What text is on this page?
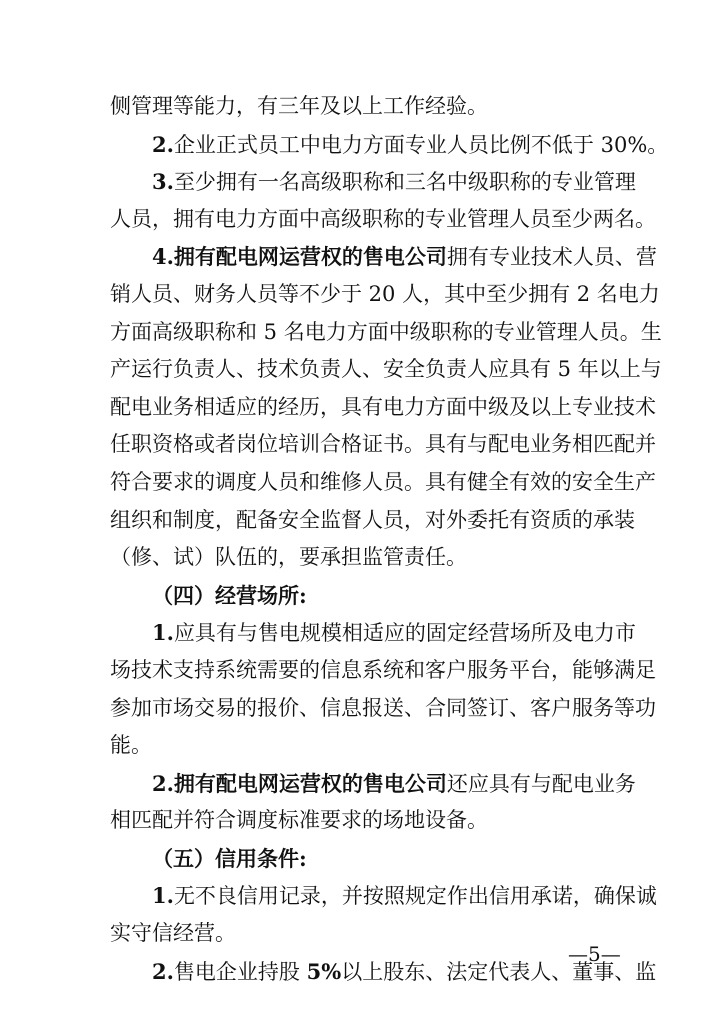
侧管理等能力，有三年及以上工作经验。
2.企业正式员工中电力方面专业人员比例不低于 30%。
3.至少拥有一名高级职称和三名中级职称的专业管理
人员，拥有电力方面中高级职称的专业管理人员至少两名。
4.拥有配电网运营权的售电公司拥有专业技术人员、营
销人员、财务人员等不少于 20 人，其中至少拥有 2 名电力
方面高级职称和 5 名电力方面中级职称的专业管理人员。生
产运行负责人、技术负责人、安全负责人应具有 5 年以上与
配电业务相适应的经历，具有电力方面中级及以上专业技术
任职资格或者岗位培训合格证书。具有与配电业务相匹配并
符合要求的调度人员和维修人员。具有健全有效的安全生产
组织和制度，配备安全监督人员，对外委托有资质的承装
（修、试）队伍的，要承担监管责任。
（四）经营场所:
1.应具有与售电规模相适应的固定经营场所及电力市
场技术支持系统需要的信息系统和客户服务平台，能够满足
参加市场交易的报价、信息报送、合同签订、客户服务等功
能。
2.拥有配电网运营权的售电公司还应具有与配电业务
相匹配并符合调度标准要求的场地设备。
（五）信用条件:
1.无不良信用记录，并按照规定作出信用承诺，确保诚
实守信经营。
2.售电企业持股 5%以上股东、法定代表人、董事、监
—5—
